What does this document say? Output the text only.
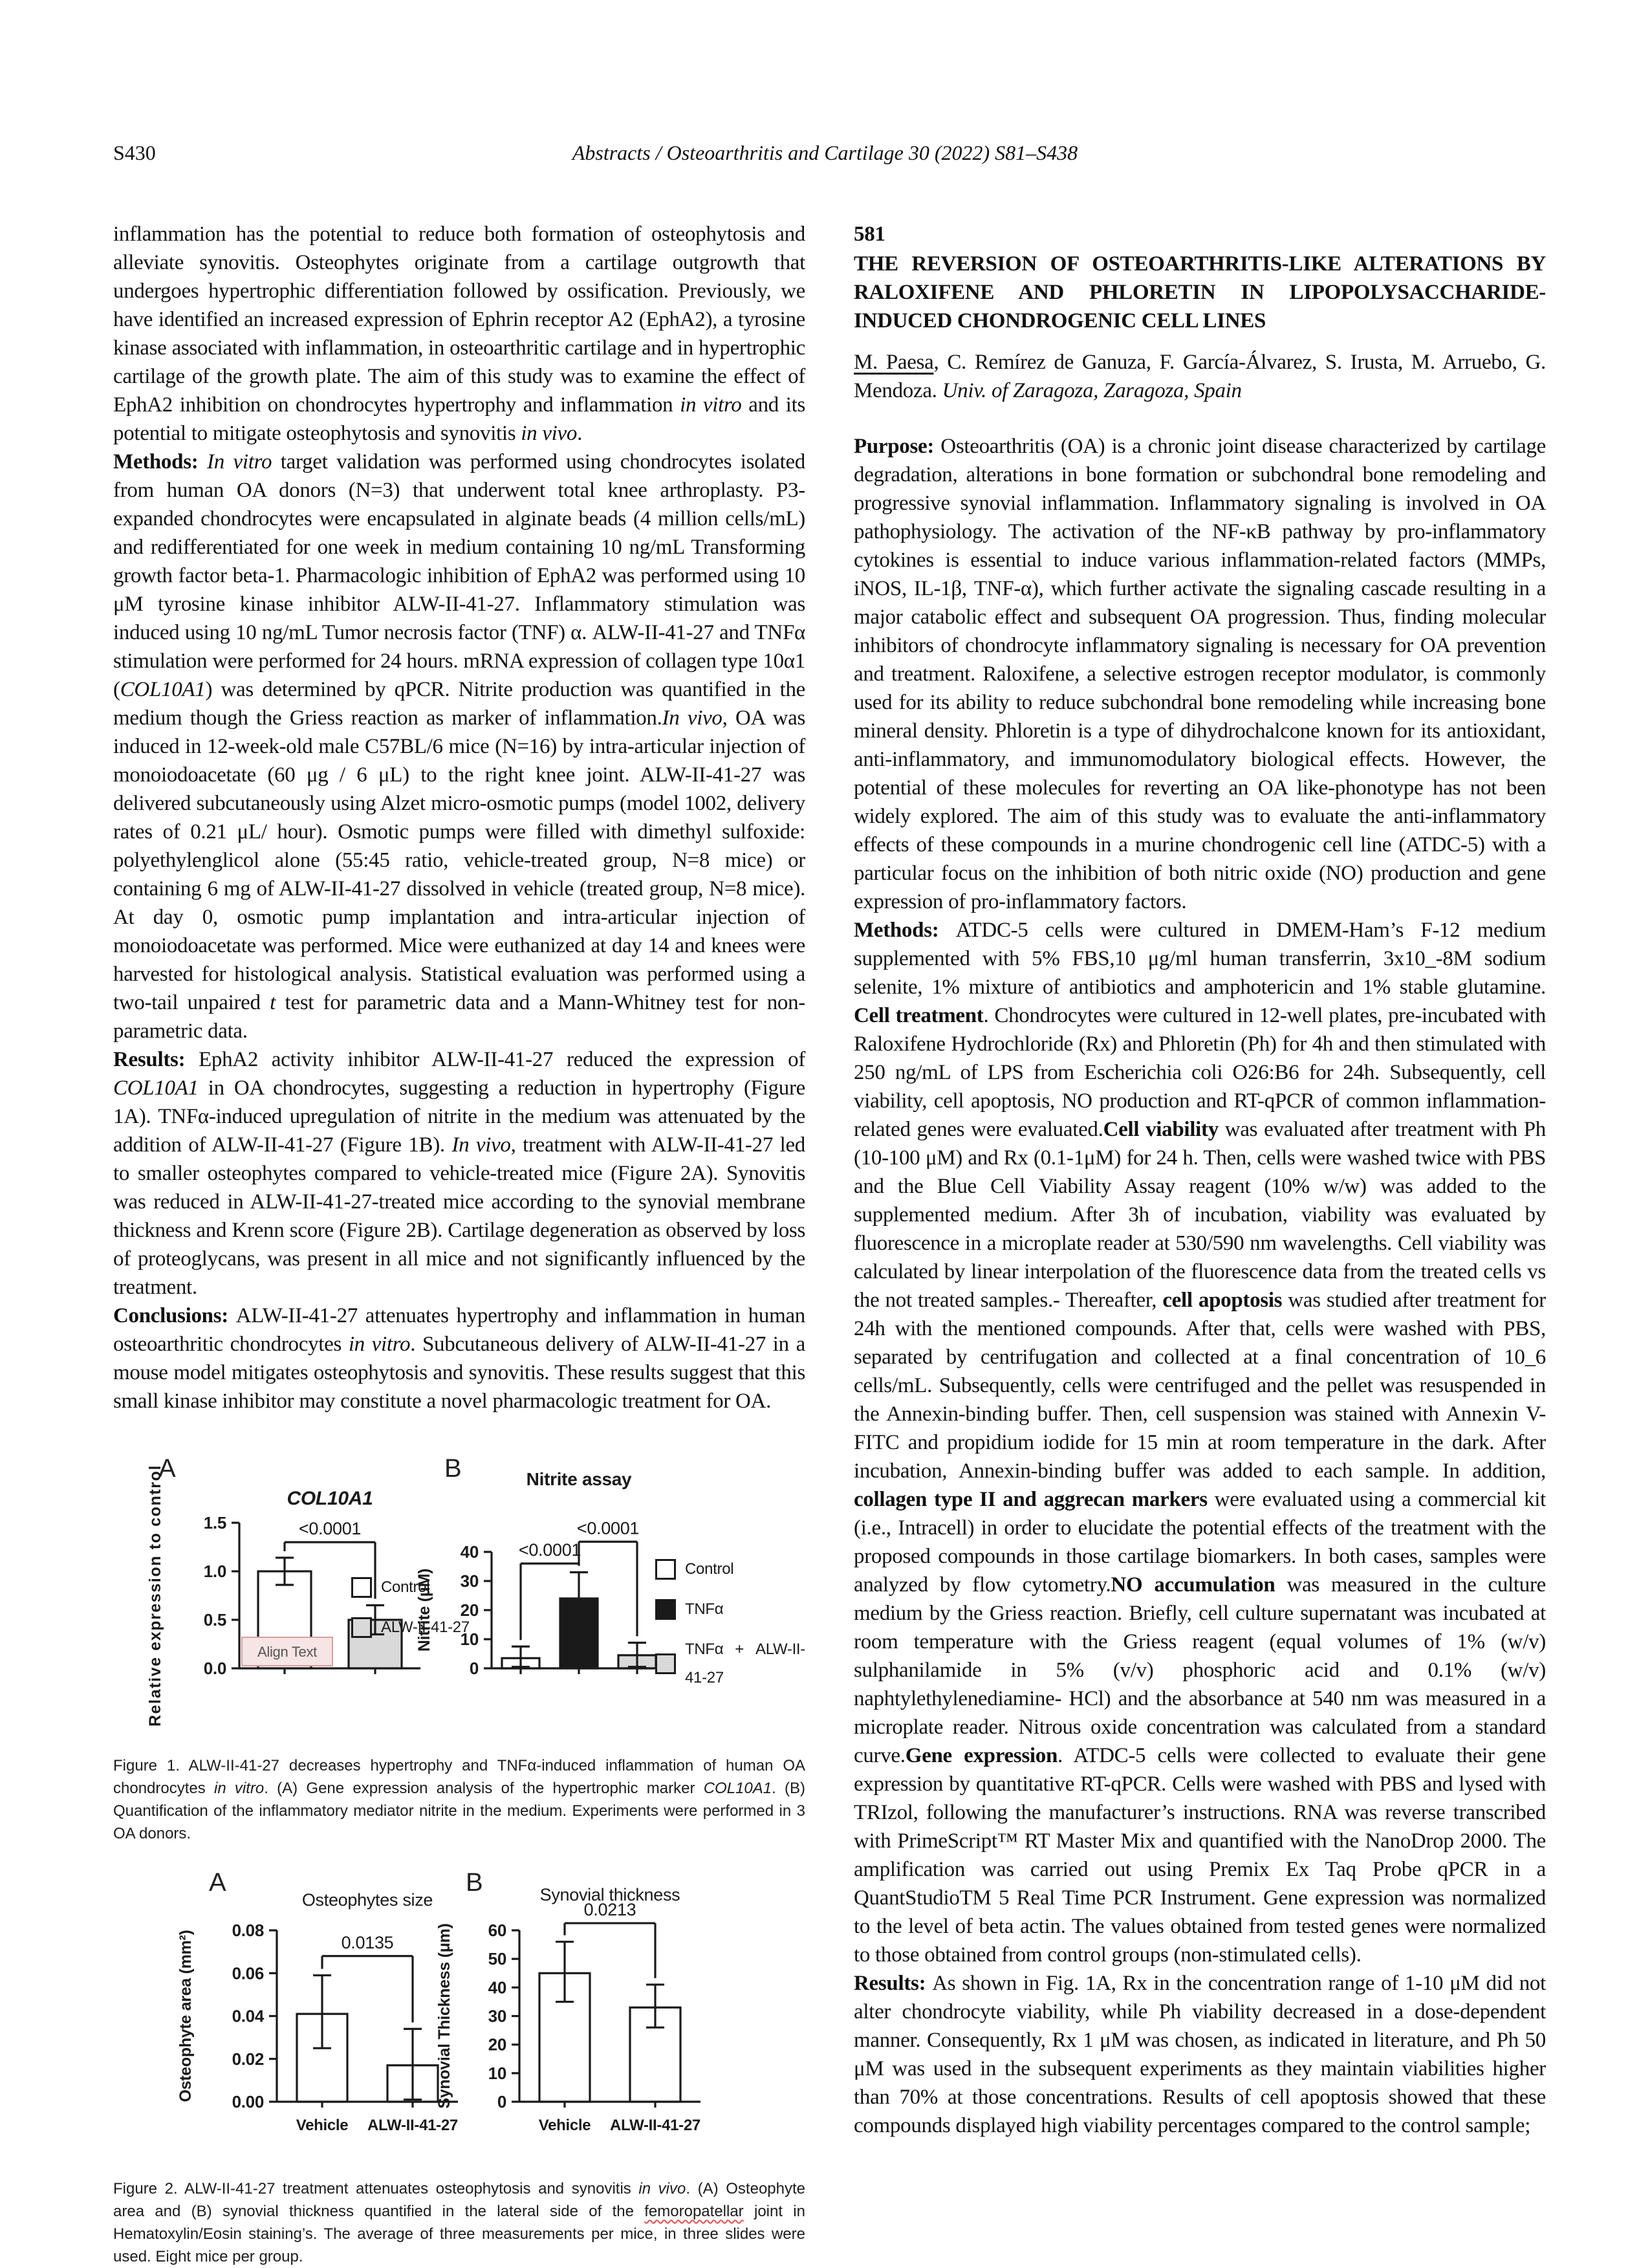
S430	Abstracts / Osteoarthritis and Cartilage 30 (2022) S81–S438

inflammation has the potential to reduce both formation of osteophytosis and alleviate synovitis. Osteophytes originate from a cartilage outgrowth that undergoes hypertrophic differentiation followed by ossification. Previously, we have identified an increased expression of Ephrin receptor A2 (EphA2), a tyrosine kinase associated with inflammation, in osteoarthritic cartilage and in hypertrophic cartilage of the growth plate. The aim of this study was to examine the effect of EphA2 inhibition on chondrocytes hypertrophy and inflammation in vitro and its potential to mitigate osteophytosis and synovitis in vivo.

Methods: In vitro target validation was performed using chondrocytes isolated from human OA donors (N=3) that underwent total knee arthroplasty. P3-expanded chondrocytes were encapsulated in alginate beads (4 million cells/mL) and redifferentiated for one week in medium containing 10 ng/mL Transforming growth factor beta-1. Pharmacologic inhibition of EphA2 was performed using 10 μM tyrosine kinase inhibitor ALW-II-41-27. Inflammatory stimulation was induced using 10 ng/mL Tumor necrosis factor (TNF) α. ALW-II-41-27 and TNFα stimulation were performed for 24 hours. mRNA expression of collagen type 10α1 (COL10A1) was determined by qPCR. Nitrite production was quantified in the medium though the Griess reaction as marker of inflammation.In vivo, OA was induced in 12-week-old male C57BL/6 mice (N=16) by intra-articular injection of monoiodoacetate (60 μg / 6 μL) to the right knee joint. ALW-II-41-27 was delivered subcutaneously using Alzet micro-osmotic pumps (model 1002, delivery rates of 0.21 μL/ hour). Osmotic pumps were filled with dimethyl sulfoxide: polyethylenglicol alone (55:45 ratio, vehicle-treated group, N=8 mice) or containing 6 mg of ALW-II-41-27 dissolved in vehicle (treated group, N=8 mice). At day 0, osmotic pump implantation and intra-articular injection of monoiodoacetate was performed. Mice were euthanized at day 14 and knees were harvested for histological analysis. Statistical evaluation was performed using a two-tail unpaired t test for parametric data and a Mann-Whitney test for non-parametric data.

Results: EphA2 activity inhibitor ALW-II-41-27 reduced the expression of COL10A1 in OA chondrocytes, suggesting a reduction in hypertrophy (Figure 1A). TNFα-induced upregulation of nitrite in the medium was attenuated by the addition of ALW-II-41-27 (Figure 1B). In vivo, treatment with ALW-II-41-27 led to smaller osteophytes compared to vehicle-treated mice (Figure 2A). Synovitis was reduced in ALW-II-41-27-treated mice according to the synovial membrane thickness and Krenn score (Figure 2B). Cartilage degeneration as observed by loss of proteoglycans, was present in all mice and not significantly influenced by the treatment.

Conclusions: ALW-II-41-27 attenuates hypertrophy and inflammation in human osteoarthritic chondrocytes in vitro. Subcutaneous delivery of ALW-II-41-27 in a mouse model mitigates osteophytosis and synovitis. These results suggest that this small kinase inhibitor may constitute a novel pharmacologic treatment for OA.

A
0.0
0.5
1.0
1.5	<0.0001
COL10A1
Relative expression to control	Align Text
Control
ALW-II-41-27
B
0
10
20
30
40 <0.0001
<0.0001
Nitrite assay
Nitrite (μM)	Control
TNFα
TNFα + ALW-II-41-27

Figure 1. ALW-II-41-27 decreases hypertrophy and TNFα-induced inflammation of human OA chondrocytes in vitro. (A) Gene expression analysis of the hypertrophic marker COL10A1. (B) Quantification of the inflammatory mediator nitrite in the medium. Experiments were performed in 3 OA donors.

A
Vehicle ALW-II-41-27
0.00
0.02
0.04
0.06
0.08
0.0135
Osteophytes size
Osteophyte area (mm²)
B
Vehicle ALW-II-41-27
0
10
20
30
40
50
60
0.0213
Synovial thickness
Synovial Thickness (μm)

Figure 2. ALW-II-41-27 treatment attenuates osteophytosis and synovitis in vivo. (A) Osteophyte area and (B) synovial thickness quantified in the lateral side of the femoropatellar joint in Hematoxylin/Eosin staining’s. The average of three measurements per mice, in three slides were used. Eight mice per group.

581

THE REVERSION OF OSTEOARTHRITIS-LIKE ALTERATIONS BY RALOXIFENE AND PHLORETIN IN LIPOPOLYSACCHARIDE-INDUCED CHONDROGENIC CELL LINES

M. Paesa, C. Remírez de Ganuza, F. García-Álvarez, S. Irusta, M. Arruebo, G. Mendoza. Univ. of Zaragoza, Zaragoza, Spain

Purpose: Osteoarthritis (OA) is a chronic joint disease characterized by cartilage degradation, alterations in bone formation or subchondral bone remodeling and progressive synovial inflammation. Inflammatory signaling is involved in OA pathophysiology. The activation of the NF-κB pathway by pro-inflammatory cytokines is essential to induce various inflammation-related factors (MMPs, iNOS, IL-1β, TNF-α), which further activate the signaling cascade resulting in a major catabolic effect and subsequent OA progression. Thus, finding molecular inhibitors of chondrocyte inflammatory signaling is necessary for OA prevention and treatment. Raloxifene, a selective estrogen receptor modulator, is commonly used for its ability to reduce subchondral bone remodeling while increasing bone mineral density. Phloretin is a type of dihydrochalcone known for its antioxidant, anti-inflammatory, and immunomodulatory biological effects. However, the potential of these molecules for reverting an OA like-phonotype has not been widely explored. The aim of this study was to evaluate the anti-inflammatory effects of these compounds in a murine chondrogenic cell line (ATDC-5) with a particular focus on the inhibition of both nitric oxide (NO) production and gene expression of pro-inflammatory factors.

Methods: ATDC-5 cells were cultured in DMEM-Ham’s F-12 medium supplemented with 5% FBS,10 μg/ml human transferrin, 3x10_-8M sodium selenite, 1% mixture of antibiotics and amphotericin and 1% stable glutamine. Cell treatment. Chondrocytes were cultured in 12-well plates, pre-incubated with Raloxifene Hydrochloride (Rx) and Phloretin (Ph) for 4h and then stimulated with 250 ng/mL of LPS from Escherichia coli O26:B6 for 24h. Subsequently, cell viability, cell apoptosis, NO production and RT-qPCR of common inflammation-related genes were evaluated.Cell viability was evaluated after treatment with Ph (10-100 μM) and Rx (0.1-1μM) for 24 h. Then, cells were washed twice with PBS and the Blue Cell Viability Assay reagent (10% w/w) was added to the supplemented medium. After 3h of incubation, viability was evaluated by fluorescence in a microplate reader at 530/590 nm wavelengths. Cell viability was calculated by linear interpolation of the fluorescence data from the treated cells vs the not treated samples.- Thereafter, cell apoptosis was studied after treatment for 24h with the mentioned compounds. After that, cells were washed with PBS, separated by centrifugation and collected at a final concentration of 10_6 cells/mL. Subsequently, cells were centrifuged and the pellet was resuspended in the Annexin-binding buffer. Then, cell suspension was stained with Annexin V-FITC and propidium iodide for 15 min at room temperature in the dark. After incubation, Annexin-binding buffer was added to each sample. In addition, collagen type II and aggrecan markers were evaluated using a commercial kit (i.e., Intracell) in order to elucidate the potential effects of the treatment with the proposed compounds in those cartilage biomarkers. In both cases, samples were analyzed by flow cytometry.NO accumulation was measured in the culture medium by the Griess reaction. Briefly, cell culture supernatant was incubated at room temperature with the Griess reagent (equal volumes of 1% (w/v) sulphanilamide in 5% (v/v) phosphoric acid and 0.1% (w/v) naphtylethylenediamine- HCl) and the absorbance at 540 nm was measured in a microplate reader. Nitrous oxide concentration was calculated from a standard curve.Gene expression. ATDC-5 cells were collected to evaluate their gene expression by quantitative RT-qPCR. Cells were washed with PBS and lysed with TRIzol, following the manufacturer’s instructions. RNA was reverse transcribed with PrimeScript™ RT Master Mix and quantified with the NanoDrop 2000. The amplification was carried out using Premix Ex Taq Probe qPCR in a QuantStudioTM 5 Real Time PCR Instrument. Gene expression was normalized to the level of beta actin. The values obtained from tested genes were normalized to those obtained from control groups (non-stimulated cells).

Results: As shown in Fig. 1A, Rx in the concentration range of 1-10 μM did not alter chondrocyte viability, while Ph viability decreased in a dose-dependent manner. Consequently, Rx 1 μM was chosen, as indicated in literature, and Ph 50 μM was used in the subsequent experiments as they maintain viabilities higher than 70% at those concentrations. Results of cell apoptosis showed that these compounds displayed high viability percentages compared to the control sample;
